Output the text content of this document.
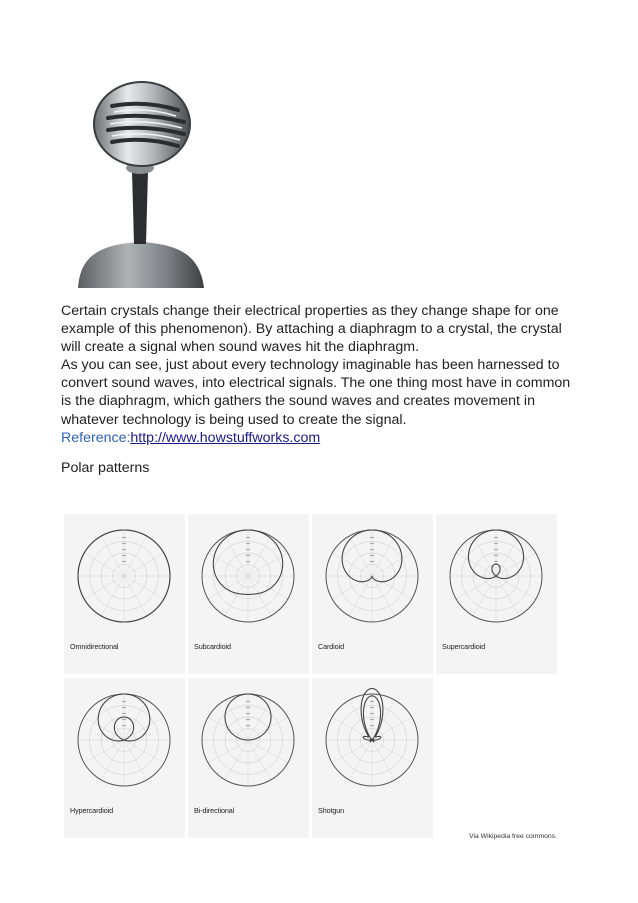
Certain crystals change their electrical properties as they change shape for one example of this phenomenon). By attaching a diaphragm to a crystal, the crystal will create a signal when sound waves hit the diaphragm.

As you can see, just about every technology imaginable has been harnessed to convert sound waves, into electrical signals. The one thing most have in common is the diaphragm, which gathers the sound waves and creates movement in whatever technology is being used to create the signal.

Reference:http://www.howstuffworks.com
Polar patterns
Omnidirectional	Subcardioid	Cardioid	Supercardioid
Hypercardioid	Bi-directional	Shotgun
Via Wikipedia free commons.
